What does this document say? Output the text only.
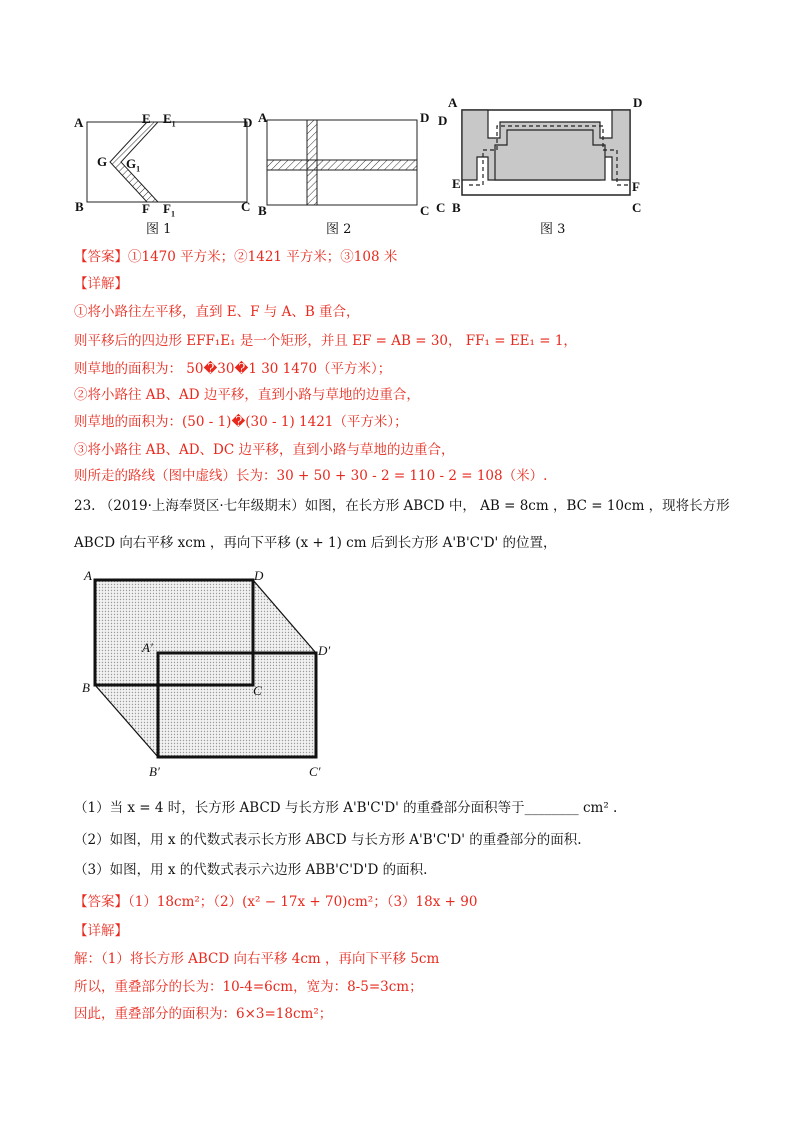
A	E $E_1$	D
G $G_1$
B	F $F_1$
C
图 1
A	D
B	C
图 2
A	D
D
E	F
C B	C
图 3
【答案】①1470 平方米；②1421 平方米；③108 米
【详解】
①将小路往左平移，直到 E、F 与 A、B 重合，
则平移后的四边形 EFF₁E₁ 是一个矩形，并且 EF = AB = 30， FF₁ = EE₁ = 1，
则草地的面积为： 50�30�1 30 1470（平方米）；
②将小路往 AB、AD 边平移，直到小路与草地的边重合，
则草地的面积为：(50 - 1)�(30 - 1) 1421（平方米）；
③将小路往 AB、AD、DC 边平移，直到小路与草地的边重合，
则所走的路线（图中虚线）长为：30 + 50 + 30 - 2 = 110 - 2 = 108（米）.
23. （2019·上海奉贤区·七年级期末）如图，在长方形 ABCD 中， AB = 8cm ，BC = 10cm ，现将长方形
ABCD 向右平移 xcm ，再向下平移 (x + 1) cm 后到长方形 A'B'C'D' 的位置，
A	D
A′	D′
B	C
B′	C′
（1）当 x = 4 时，长方形 ABCD 与长方形 A'B'C'D' 的重叠部分面积等于________ cm² .
（2）如图，用 x 的代数式表示长方形 ABCD 与长方形 A'B'C'D' 的重叠部分的面积.
（3）如图，用 x 的代数式表示六边形 ABB'C'D'D 的面积.
【答案】（1）18cm²；（2）(x² − 17x + 70)cm²；（3）18x + 90
【详解】
解：（1）将长方形 ABCD 向右平移 4cm ，再向下平移 5cm
所以，重叠部分的长为：10-4=6cm，宽为：8-5=3cm；
因此，重叠部分的面积为：6×3=18cm²；
